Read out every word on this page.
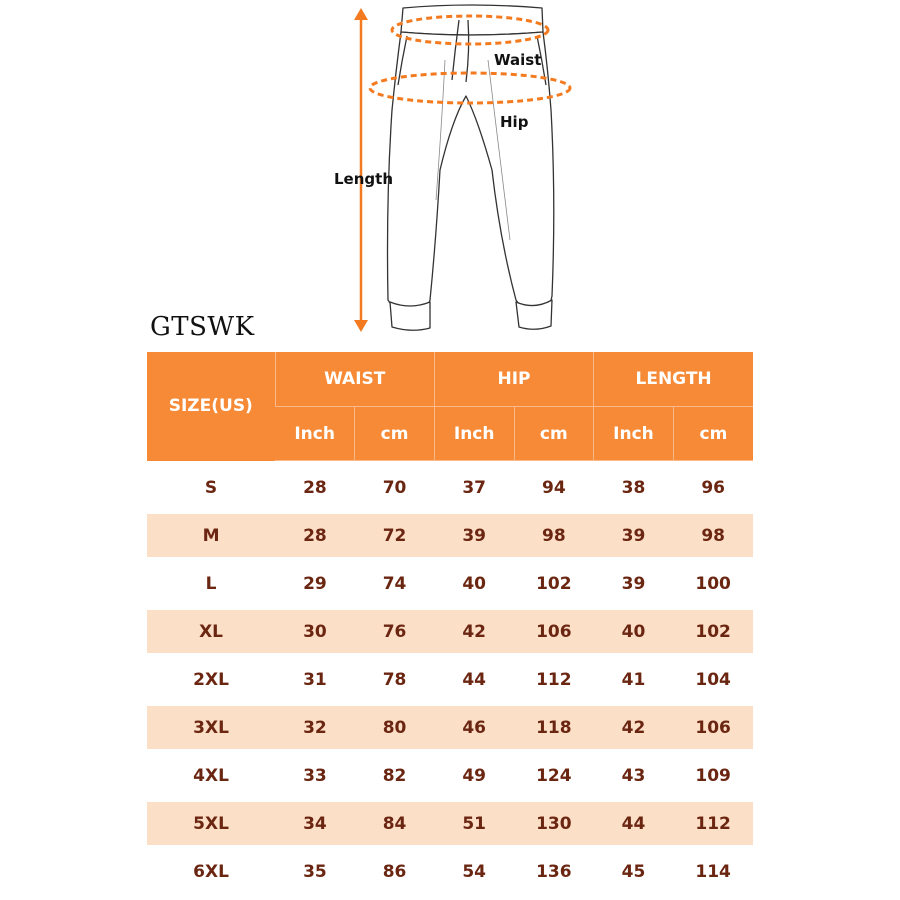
Waist
Hip
Length
GTSWK
SIZE(US)	WAIST		HIP		LENGTH	
	Inch	cm	Inch	cm	Inch	cm

S	28	70	37	94	38	96

M	28	72	39	98	39	98

L	29	74	40	102	39	100

XL	30	76	42	106	40	102

2XL	31	78	44	112	41	104

3XL	32	80	46	118	42	106

4XL	33	82	49	124	43	109

5XL	34	84	51	130	44	112

6XL	35	86	54	136	45	114
